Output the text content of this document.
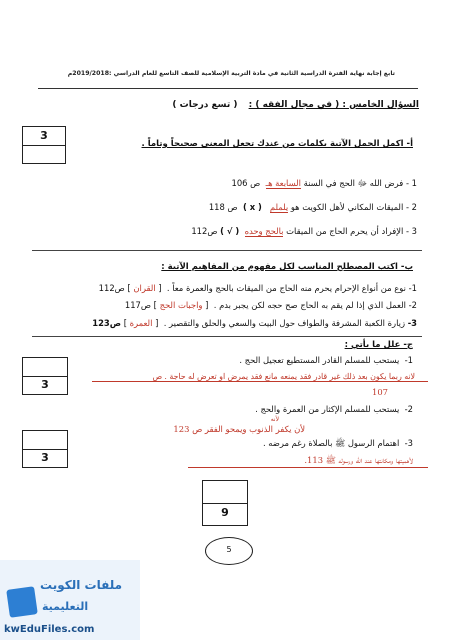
تابع إجابة نهاية الفترة الدراسية الثانية في مادة التربية الإسلامية للصف التاسع للعام الدراسي :2019/2018م
السؤال الخامس : ( في مجال الفقه ) : ( تسع درجات )
3
أ- اكمل الجمل الآتية بكلمات من عندك تجعل المعنى صحيحاً وتاماً .
1 - فرض الله ﷻ الحج في السنة السابعة هـ  ص 106
2 - الميقات المكاني لأهل الكويت هو يلملم   ( x )  ص 118
3 - الإفراد أن يحرم الحاج من الميقات بالحج وحده  ( √ ) ص112
ب- اكتب المصطلح المناسب لكل مفهوم من المفاهيم الآتية :
1- نوع من أنواع الإحرام يحرم منه الحاج من الميقات بالحج والعمرة معاً .  [ القران ] ص112
2- العمل الذي إذا لم يقم به الحاج صح حجه لكن يجبر بدم .  [ واجبات الحج ] ص117
3- زيارة الكعبة المشرفة والطواف حول البيت والسعي والحلق والتقصير .  [ العمرة ] ص123
ج- علل ما يأتي :
3
1-  يستحب للمسلم القادر المستطيع تعجيل الحج .
لانه ربما يكون بعد ذلك غير قادر فقد يمنعه مانع فقد يمرض او تعرض له حاجة . ص
107
2-  يستحب للمسلم الإكثار من العمرة والحج .
لأنه
لأن يكفر الذنوب ويمحو الفقر ص 123
3
3-  اهتمام الرسول ﷺ بالصلاة رغم مرضه .
لأهميتها ومكانتها عند الله ورسوله ﷺ 113.
9
5
ملفات الكويت
التعليمية
kwEduFiles.com
